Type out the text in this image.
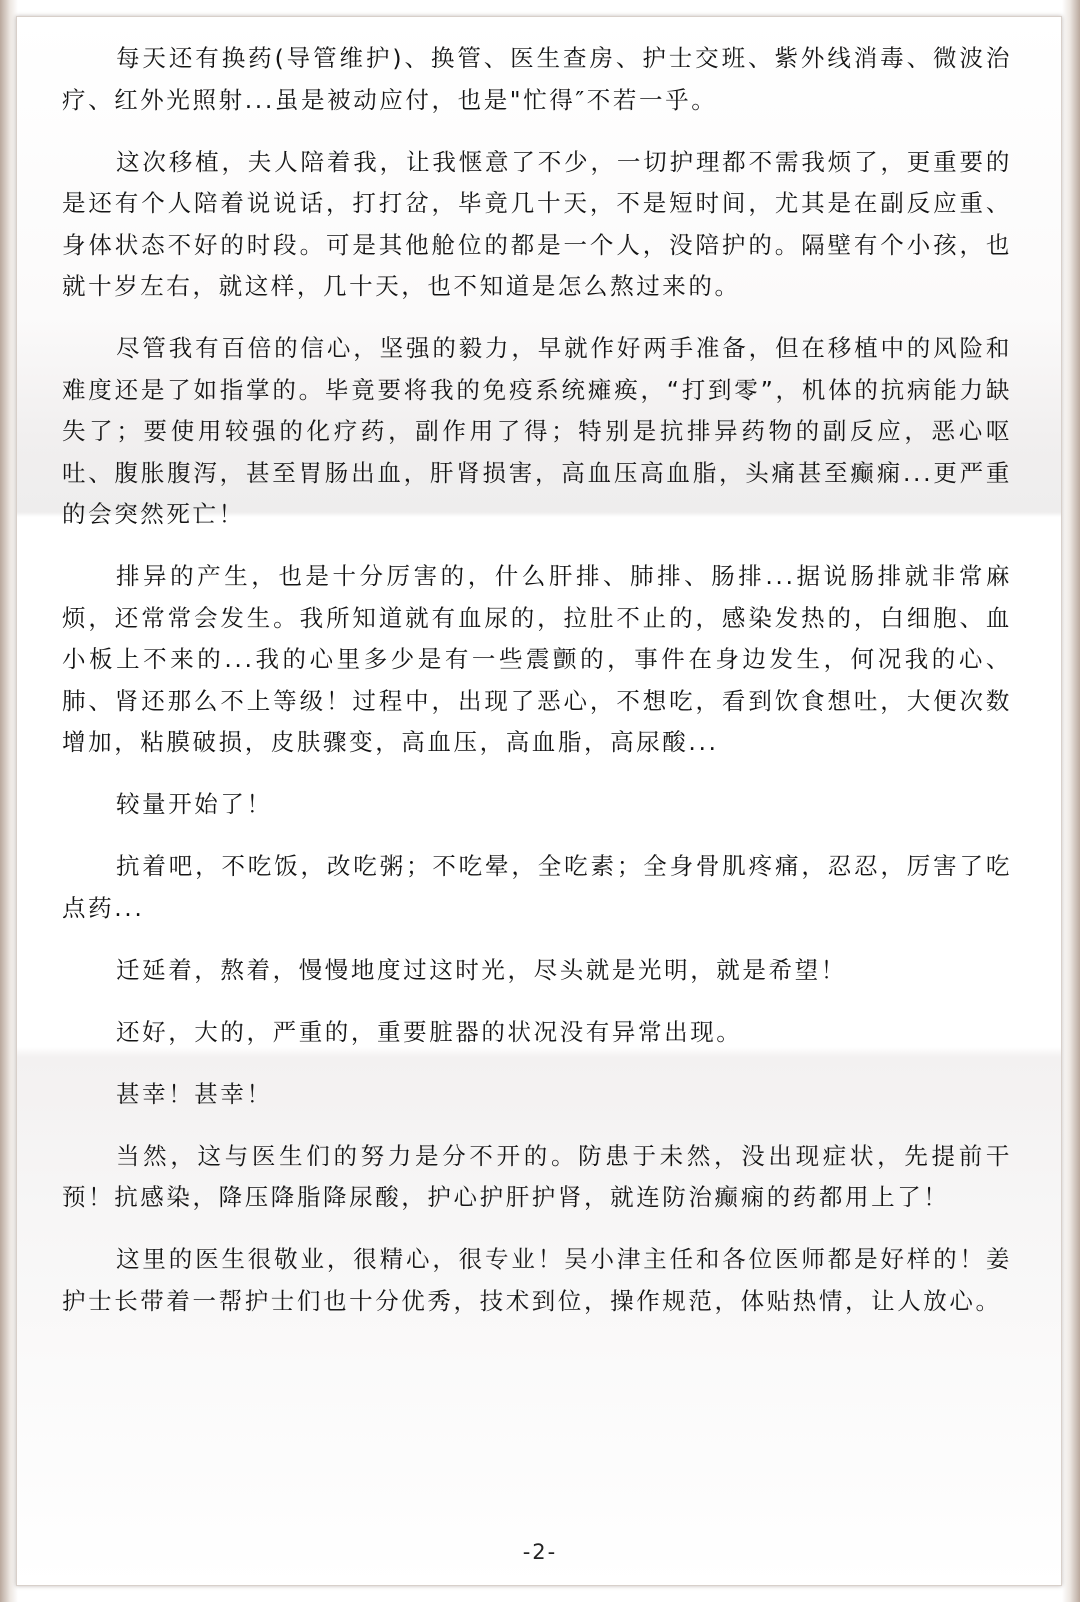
每天还有换药(导管维护)、换管、医生查房、护士交班、紫外线消毒、微波治疗、红外光照射...虽是被动应付，也是"忙得″不若一乎。

这次移植，夫人陪着我，让我惬意了不少，一切护理都不需我烦了，更重要的是还有个人陪着说说话，打打岔，毕竟几十天，不是短时间，尤其是在副反应重、身体状态不好的时段。可是其他舱位的都是一个人，没陪护的。隔壁有个小孩，也就十岁左右，就这样，几十天，也不知道是怎么熬过来的。

尽管我有百倍的信心，坚强的毅力，早就作好两手准备，但在移植中的风险和难度还是了如指掌的。毕竟要将我的免疫系统瘫痪，“打到零”，机体的抗病能力缺失了；要使用较强的化疗药，副作用了得；特别是抗排异药物的副反应，恶心呕吐、腹胀腹泻，甚至胃肠出血，肝肾损害，高血压高血脂，头痛甚至癫痫...更严重的会突然死亡！

排异的产生，也是十分厉害的，什么肝排、肺排、肠排...据说肠排就非常麻烦，还常常会发生。我所知道就有血尿的，拉肚不止的，感染发热的，白细胞、血小板上不来的...我的心里多少是有一些震颤的，事件在身边发生，何况我的心、肺、肾还那么不上等级！过程中，出现了恶心，不想吃，看到饮食想吐，大便次数增加，粘膜破损，皮肤骤变，高血压，高血脂，高尿酸...

较量开始了！

抗着吧，不吃饭，改吃粥；不吃晕，全吃素；全身骨肌疼痛，忍忍，厉害了吃点药...

迁延着，熬着，慢慢地度过这时光，尽头就是光明，就是希望！

还好，大的，严重的，重要脏器的状况没有异常出现。

甚幸！甚幸！

当然，这与医生们的努力是分不开的。防患于未然，没出现症状，先提前干预！抗感染，降压降脂降尿酸，护心护肝护肾，就连防治癫痫的药都用上了！

这里的医生很敬业，很精心，很专业！吴小津主任和各位医师都是好样的！姜护士长带着一帮护士们也十分优秀，技术到位，操作规范，体贴热情，让人放心。

-2-
